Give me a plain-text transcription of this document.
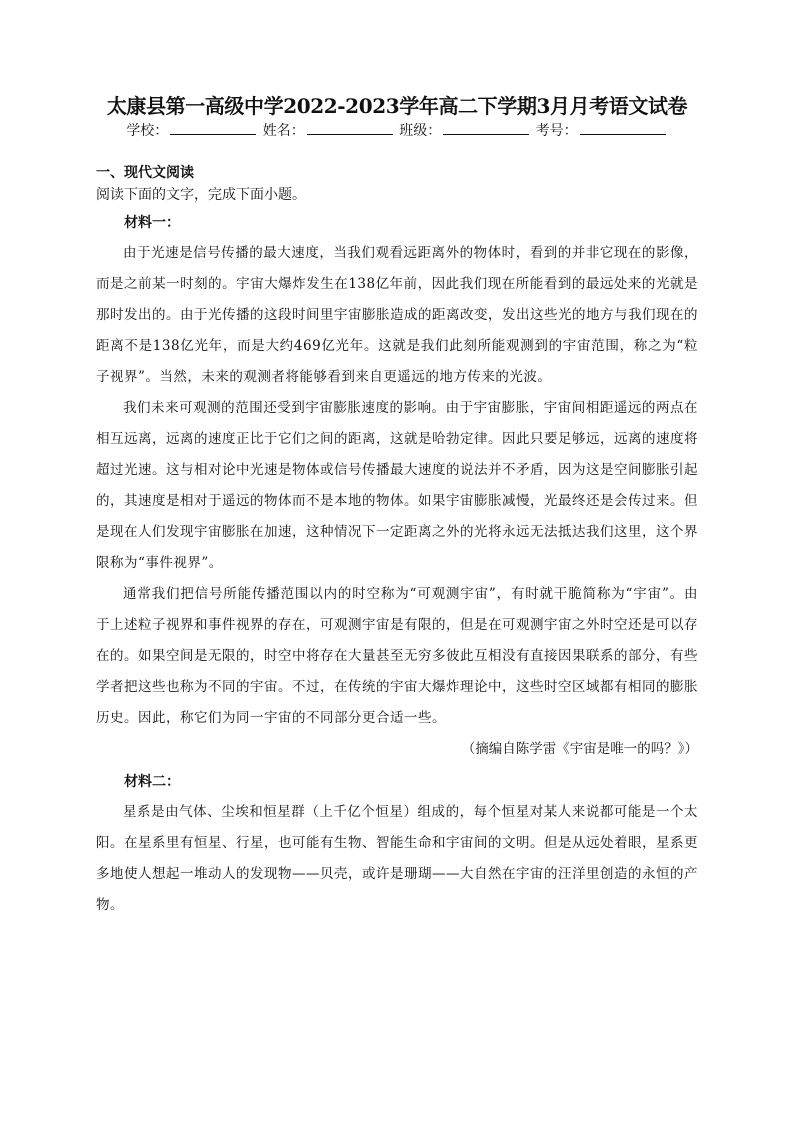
太康县第一高级中学2022-2023学年高二下学期3月月考语文试卷
学校：	姓名：	班级：	考号：
一、现代文阅读
阅读下面的文字，完成下面小题。
材料一：

由于光速是信号传播的最大速度，当我们观看远距离外的物体时，看到的并非它现在的影像，而是之前某一时刻的。宇宙大爆炸发生在138亿年前，因此我们现在所能看到的最远处来的光就是那时发出的。由于光传播的这段时间里宇宙膨胀造成的距离改变，发出这些光的地方与我们现在的距离不是138亿光年，而是大约469亿光年。这就是我们此刻所能观测到的宇宙范围，称之为“粒子视界”。当然，未来的观测者将能够看到来自更遥远的地方传来的光波。

我们未来可观测的范围还受到宇宙膨胀速度的影响。由于宇宙膨胀，宇宙间相距遥远的两点在相互远离，远离的速度正比于它们之间的距离，这就是哈勃定律。因此只要足够远，远离的速度将超过光速。这与相对论中光速是物体或信号传播最大速度的说法并不矛盾，因为这是空间膨胀引起的，其速度是相对于遥远的物体而不是本地的物体。如果宇宙膨胀减慢，光最终还是会传过来。但是现在人们发现宇宙膨胀在加速，这种情况下一定距离之外的光将永远无法抵达我们这里，这个界限称为“事件视界”。

通常我们把信号所能传播范围以内的时空称为“可观测宇宙”，有时就干脆简称为“宇宙”。由于上述粒子视界和事件视界的存在，可观测宇宙是有限的，但是在可观测宇宙之外时空还是可以存在的。如果空间是无限的，时空中将存在大量甚至无穷多彼此互相没有直接因果联系的部分，有些学者把这些也称为不同的宇宙。不过，在传统的宇宙大爆炸理论中，这些时空区域都有相同的膨胀历史。因此，称它们为同一宇宙的不同部分更合适一些。

（摘编自陈学雷《宇宙是唯一的吗？》）

材料二：

星系是由气体、尘埃和恒星群（上千亿个恒星）组成的，每个恒星对某人来说都可能是一个太阳。在星系里有恒星、行星，也可能有生物、智能生命和宇宙间的文明。但是从远处着眼，星系更多地使人想起一堆动人的发现物——贝壳，或许是珊瑚——大自然在宇宙的汪洋里创造的永恒的产物。
